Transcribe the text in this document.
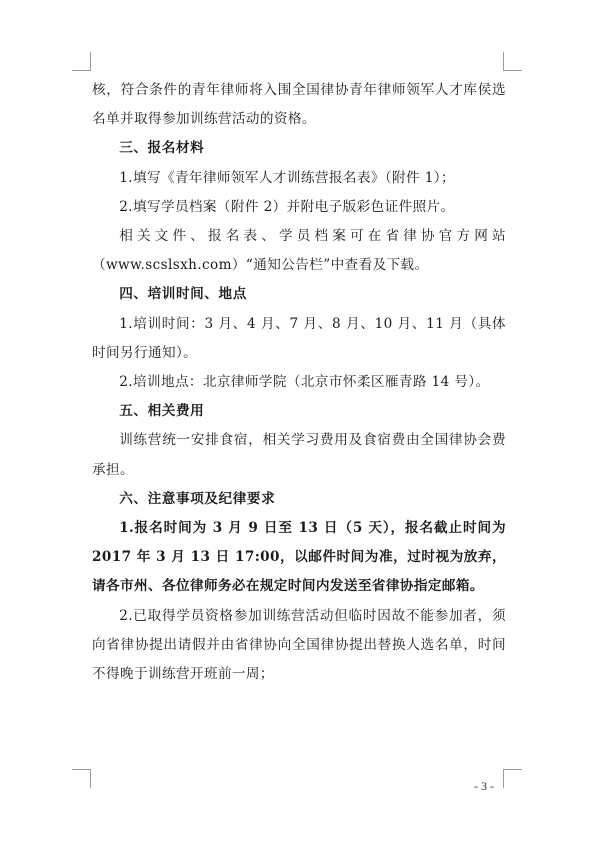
核，符合条件的青年律师将入围全国律协青年律师领军人才库侯选名单并取得参加训练营活动的资格。

三、报名材料

1.填写《青年律师领军人才训练营报名表》（附件 1）；

2.填写学员档案（附件 2）并附电子版彩色证件照片。

相关文件、报名表、学员档案可在省律协官方网站（www.scslsxh.com）“通知公告栏”中查看及下载。

四、培训时间、地点

1.培训时间：3 月、4 月、7 月、8 月、10 月、11 月（具体时间另行通知）。

2.培训地点：北京律师学院（北京市怀柔区雁青路 14 号）。

五、相关费用

训练营统一安排食宿，相关学习费用及食宿费由全国律协会费承担。

六、注意事项及纪律要求

1.报名时间为 3 月 9 日至 13 日（5 天），报名截止时间为 2017 年 3 月 13 日 17:00，以邮件时间为准，过时视为放弃，请各市州、各位律师务必在规定时间内发送至省律协指定邮箱。

2.已取得学员资格参加训练营活动但临时因故不能参加者，须向省律协提出请假并由省律协向全国律协提出替换人选名单，时间不得晚于训练营开班前一周；

- 3 -
